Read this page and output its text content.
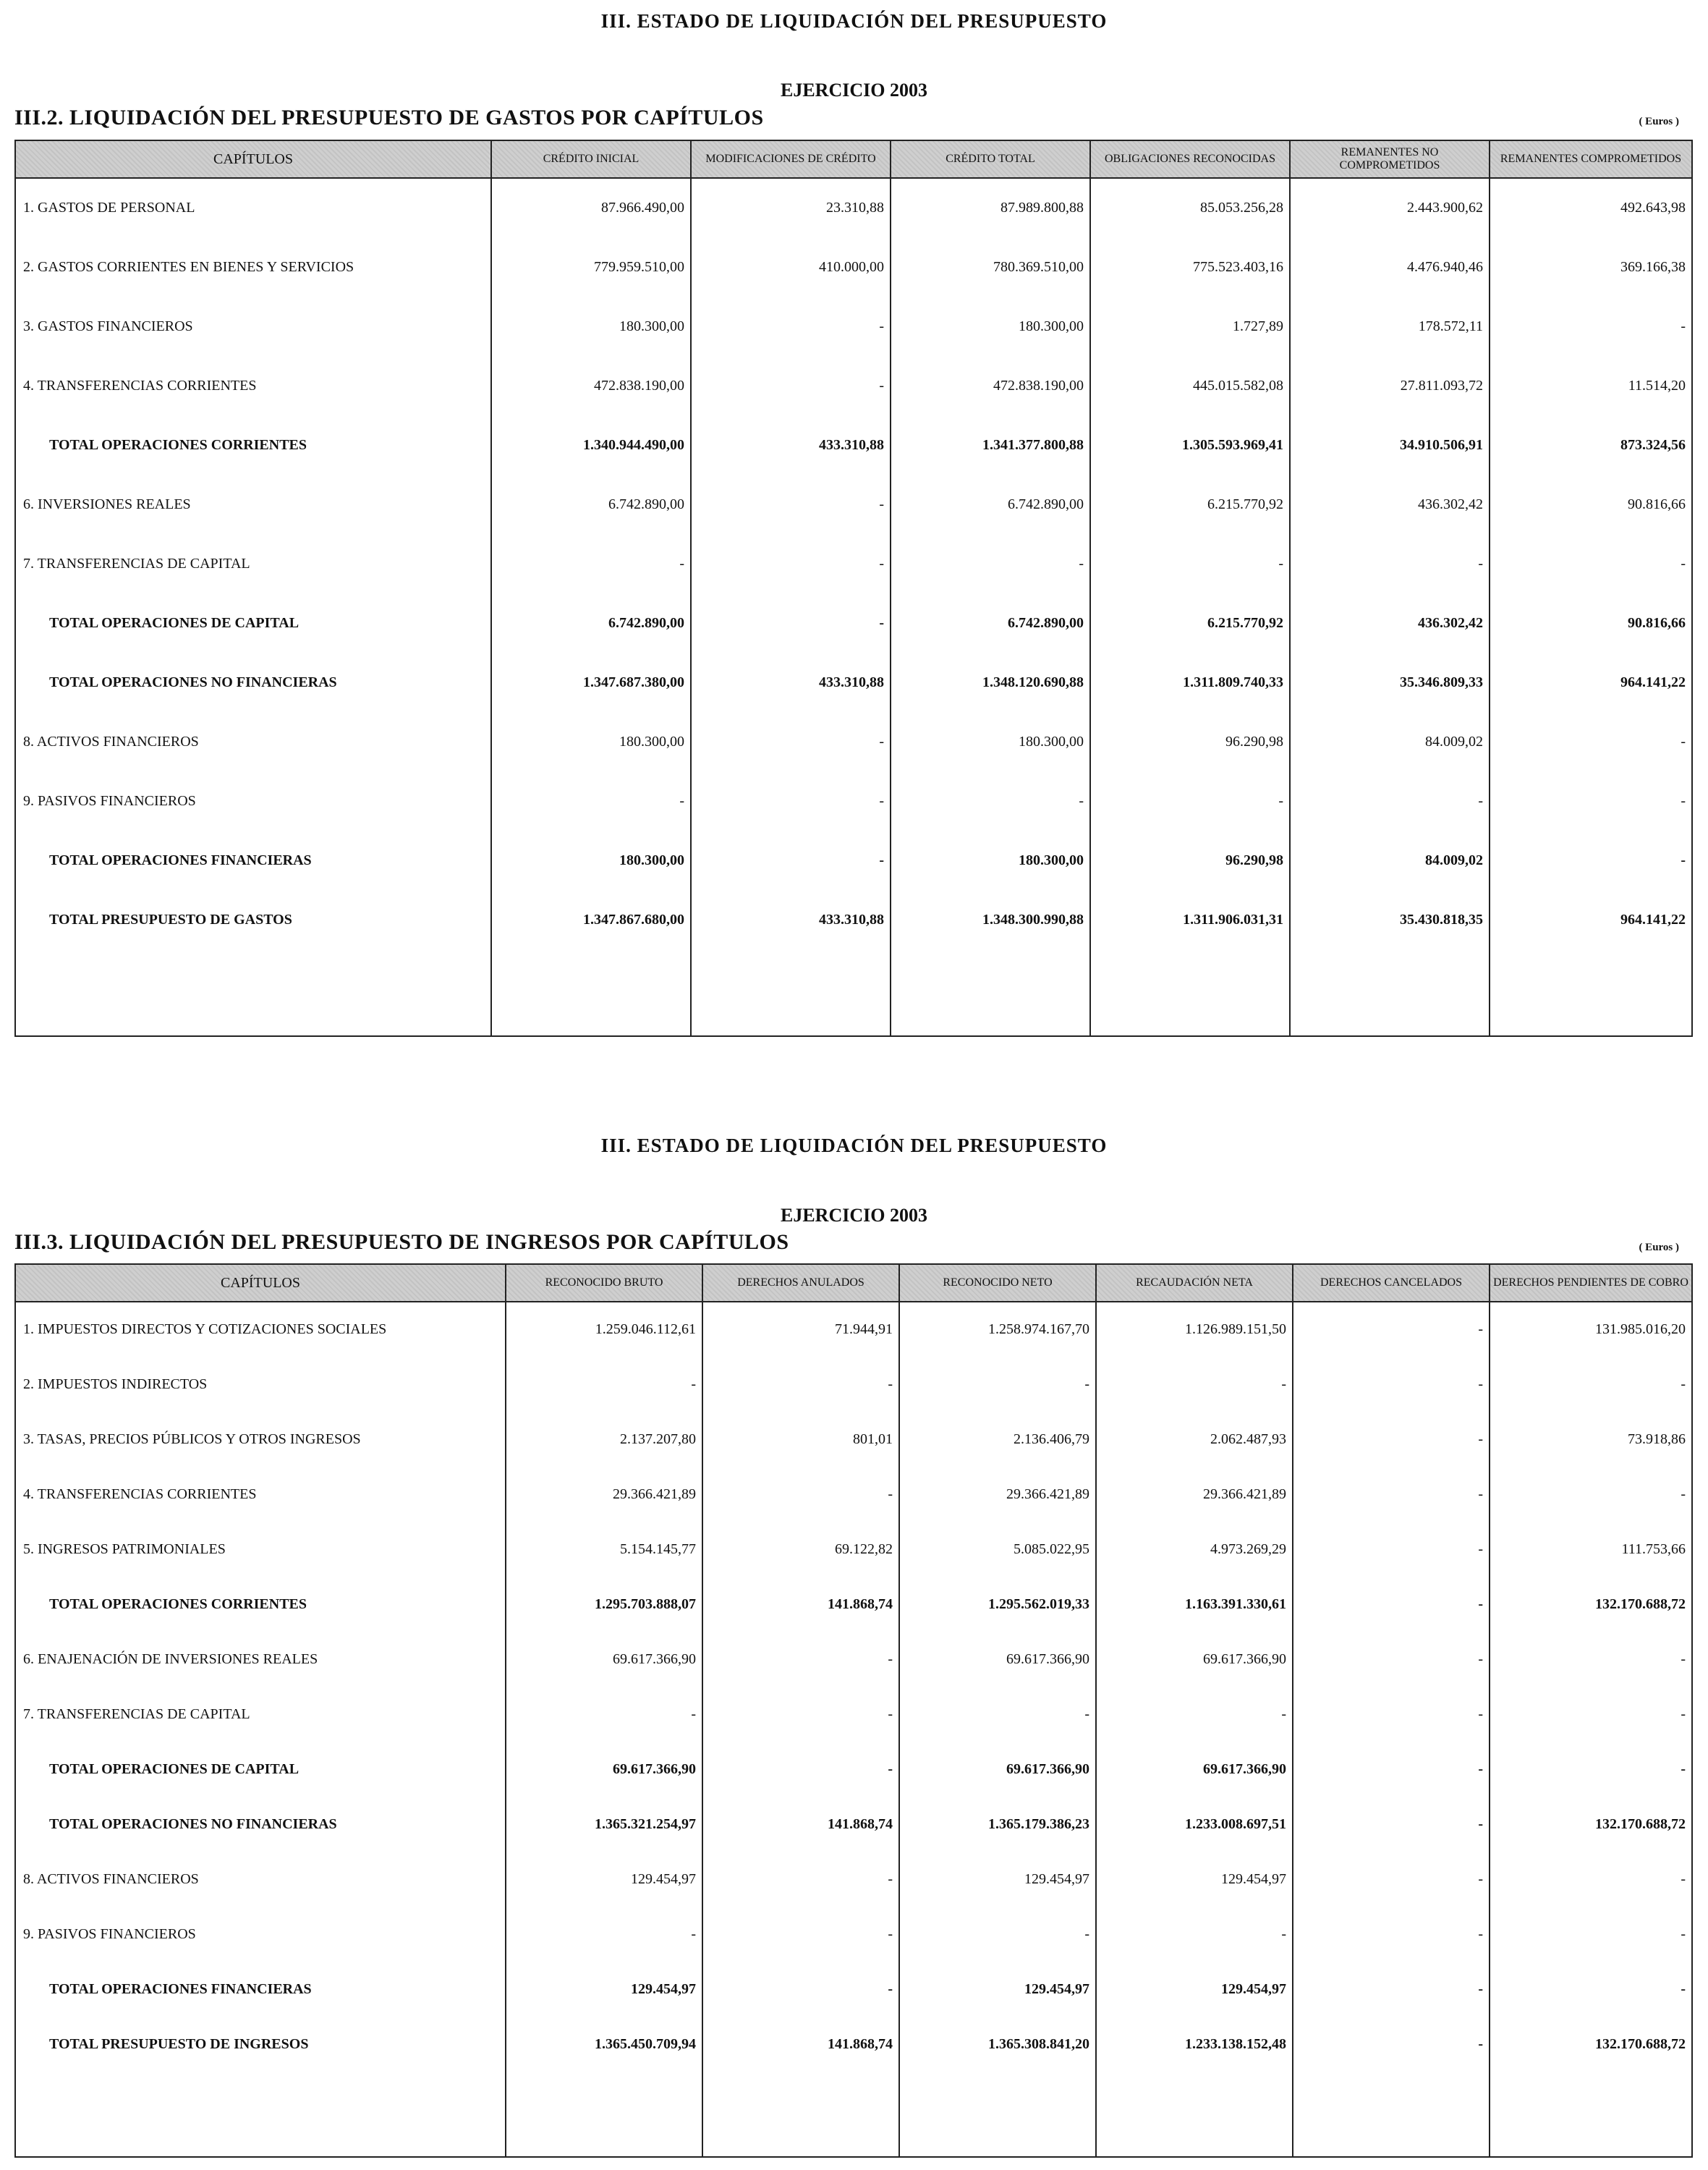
III. ESTADO DE LIQUIDACIÓN DEL PRESUPUESTO
EJERCICIO 2003
III.2. LIQUIDACIÓN DEL PRESUPUESTO DE GASTOS POR CAPÍTULOS	( Euros )
CAPÍTULOS	CRÉDITO INICIAL	MODIFICACIONES DE CRÉDITO	CRÉDITO TOTAL	OBLIGACIONES RECONOCIDAS	REMANENTES NO COMPROMETIDOS	REMANENTES COMPROMETIDOS
1. GASTOS DE PERSONAL	87.966.490,00	23.310,88	87.989.800,88	85.053.256,28	2.443.900,62	492.643,98
2. GASTOS CORRIENTES EN BIENES Y SERVICIOS	779.959.510,00	410.000,00	780.369.510,00	775.523.403,16	4.476.940,46	369.166,38
3. GASTOS FINANCIEROS	180.300,00	-	180.300,00	1.727,89	178.572,11	-
4. TRANSFERENCIAS CORRIENTES	472.838.190,00	-	472.838.190,00	445.015.582,08	27.811.093,72	11.514,20
TOTAL OPERACIONES CORRIENTES	1.340.944.490,00	433.310,88	1.341.377.800,88	1.305.593.969,41	34.910.506,91	873.324,56
6. INVERSIONES REALES	6.742.890,00	-	6.742.890,00	6.215.770,92	436.302,42	90.816,66
7. TRANSFERENCIAS DE CAPITAL	-	-	-	-	-	-
TOTAL OPERACIONES DE CAPITAL	6.742.890,00	-	6.742.890,00	6.215.770,92	436.302,42	90.816,66
TOTAL OPERACIONES NO FINANCIERAS	1.347.687.380,00	433.310,88	1.348.120.690,88	1.311.809.740,33	35.346.809,33	964.141,22
8. ACTIVOS FINANCIEROS	180.300,00	-	180.300,00	96.290,98	84.009,02	-
9. PASIVOS FINANCIEROS	-	-	-	-	-	-
TOTAL OPERACIONES FINANCIERAS	180.300,00	-	180.300,00	96.290,98	84.009,02	-
TOTAL PRESUPUESTO DE GASTOS	1.347.867.680,00	433.310,88	1.348.300.990,88	1.311.906.031,31	35.430.818,35	964.141,22

III. ESTADO DE LIQUIDACIÓN DEL PRESUPUESTO
EJERCICIO 2003
III.3. LIQUIDACIÓN DEL PRESUPUESTO DE INGRESOS POR CAPÍTULOS	( Euros )
CAPÍTULOS	RECONOCIDO BRUTO	DERECHOS ANULADOS	RECONOCIDO NETO	RECAUDACIÓN NETA	DERECHOS CANCELADOS	DERECHOS PENDIENTES DE COBRO
1. IMPUESTOS DIRECTOS Y COTIZACIONES SOCIALES	1.259.046.112,61	71.944,91	1.258.974.167,70	1.126.989.151,50	-	131.985.016,20
2. IMPUESTOS INDIRECTOS	-	-	-	-	-	-
3. TASAS, PRECIOS PÚBLICOS Y OTROS INGRESOS	2.137.207,80	801,01	2.136.406,79	2.062.487,93	-	73.918,86
4. TRANSFERENCIAS CORRIENTES	29.366.421,89	-	29.366.421,89	29.366.421,89	-	-
5. INGRESOS PATRIMONIALES	5.154.145,77	69.122,82	5.085.022,95	4.973.269,29	-	111.753,66
TOTAL OPERACIONES CORRIENTES	1.295.703.888,07	141.868,74	1.295.562.019,33	1.163.391.330,61	-	132.170.688,72
6. ENAJENACIÓN DE INVERSIONES REALES	69.617.366,90	-	69.617.366,90	69.617.366,90	-	-
7. TRANSFERENCIAS DE CAPITAL	-	-	-	-	-	-
TOTAL OPERACIONES DE CAPITAL	69.617.366,90	-	69.617.366,90	69.617.366,90	-	-
TOTAL OPERACIONES NO FINANCIERAS	1.365.321.254,97	141.868,74	1.365.179.386,23	1.233.008.697,51	-	132.170.688,72
8. ACTIVOS FINANCIEROS	129.454,97	-	129.454,97	129.454,97	-	-
9. PASIVOS FINANCIEROS	-	-	-	-	-	-
TOTAL OPERACIONES FINANCIERAS	129.454,97	-	129.454,97	129.454,97	-	-
TOTAL PRESUPUESTO DE INGRESOS	1.365.450.709,94	141.868,74	1.365.308.841,20	1.233.138.152,48	-	132.170.688,72
